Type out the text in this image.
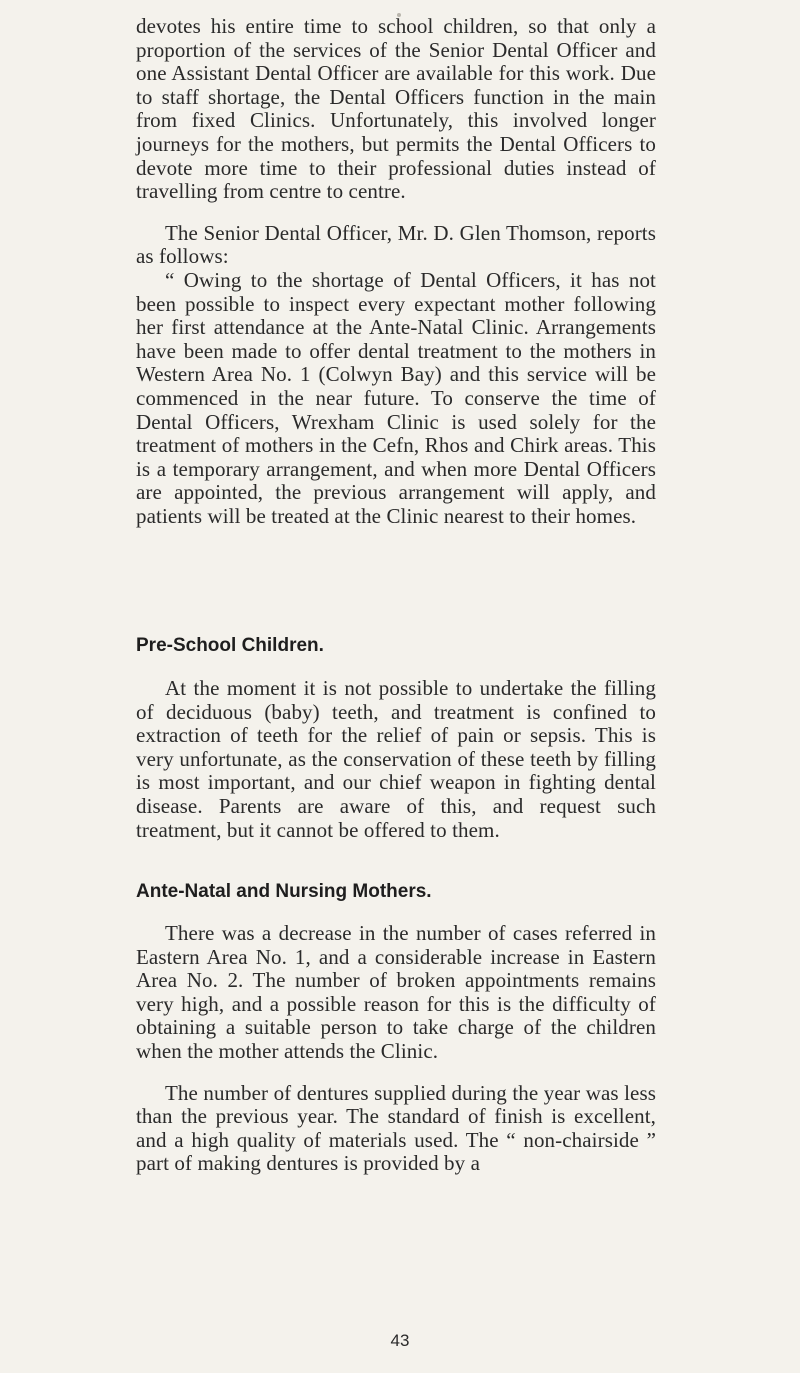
devotes his entire time to school children, so that only a proportion of the services of the Senior Dental Officer and one Assistant Dental Officer are available for this work. Due to staff shortage, the Dental Officers function in the main from fixed Clinics. Unfortunately, this involved longer journeys for the mothers, but permits the Dental Officers to devote more time to their professional duties instead of travelling from centre to centre.

The Senior Dental Officer, Mr. D. Glen Thomson, reports as follows:

“ Owing to the shortage of Dental Officers, it has not been possible to inspect every expectant mother following her first attendance at the Ante-Natal Clinic. Arrangements have been made to offer dental treatment to the mothers in Western Area No. 1 (Colwyn Bay) and this service will be commenced in the near future. To conserve the time of Dental Officers, Wrexham Clinic is used solely for the treatment of mothers in the Cefn, Rhos and Chirk areas. This is a temporary arrangement, and when more Dental Officers are appointed, the previous arrangement will apply, and patients will be treated at the Clinic nearest to their homes.

Pre-School Children.

At the moment it is not possible to undertake the filling of deciduous (baby) teeth, and treatment is confined to extraction of teeth for the relief of pain or sepsis. This is very unfortunate, as the conservation of these teeth by filling is most important, and our chief weapon in fighting dental disease. Parents are aware of this, and request such treatment, but it cannot be offered to them.

Ante-Natal and Nursing Mothers.

There was a decrease in the number of cases referred in Eastern Area No. 1, and a considerable increase in Eastern Area No. 2. The number of broken appointments remains very high, and a possible reason for this is the difficulty of obtaining a suitable person to take charge of the children when the mother attends the Clinic.

The number of dentures supplied during the year was less than the previous year. The standard of finish is excellent, and a high quality of materials used. The “ non-chairside ” part of making dentures is provided by a

43
